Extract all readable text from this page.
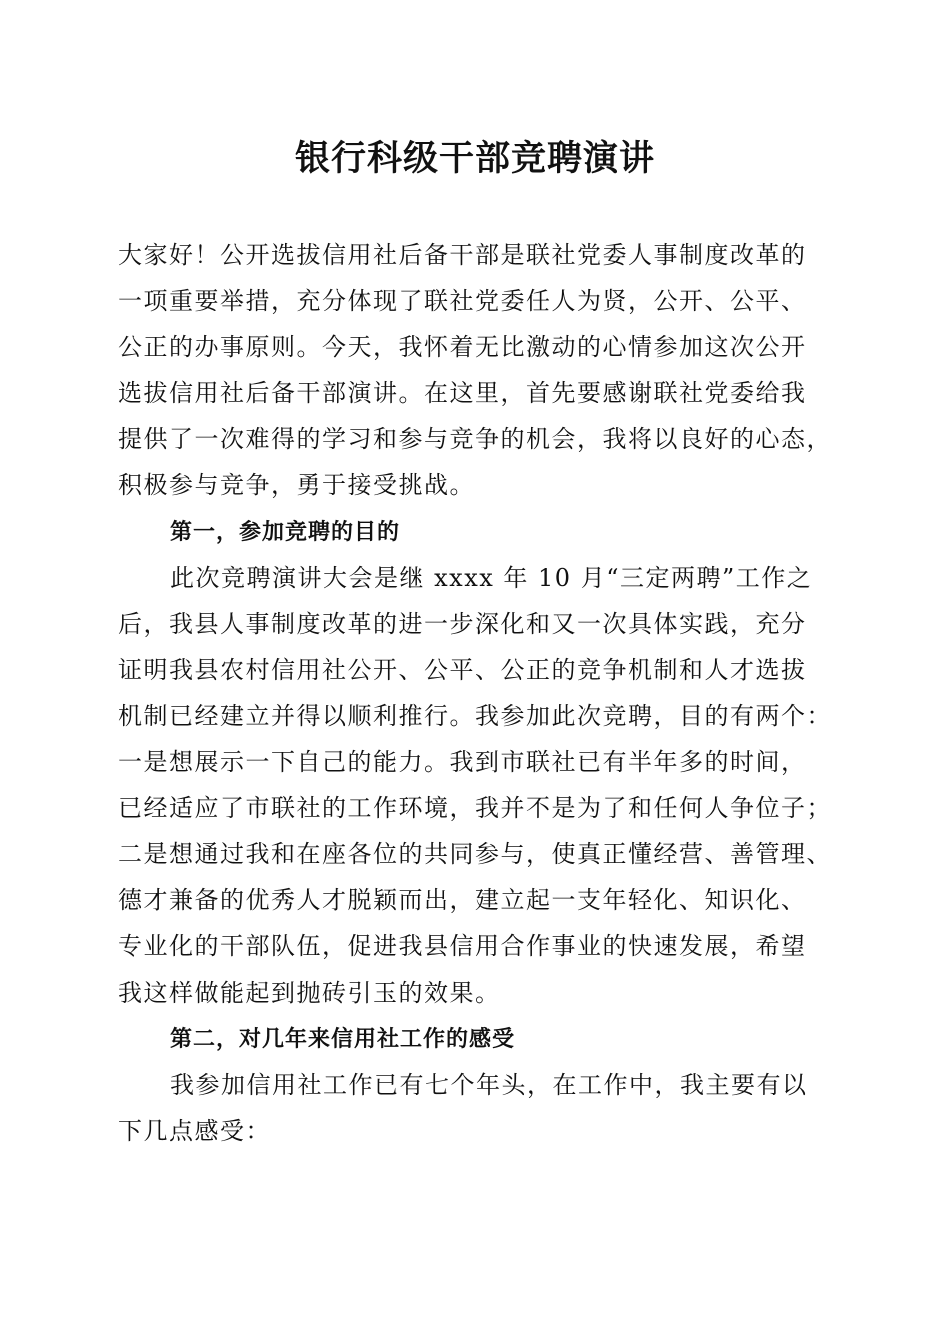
银行科级干部竞聘演讲
大家好！公开选拔信用社后备干部是联社党委人事制度改革的
一项重要举措，充分体现了联社党委任人为贤，公开、公平、
公正的办事原则。今天，我怀着无比激动的心情参加这次公开
选拔信用社后备干部演讲。在这里，首先要感谢联社党委给我
提供了一次难得的学习和参与竞争的机会，我将以良好的心态，
积极参与竞争，勇于接受挑战。
第一，参加竞聘的目的
此次竞聘演讲大会是继 xxxx 年 10 月“三定两聘”工作之
后，我县人事制度改革的进一步深化和又一次具体实践，充分
证明我县农村信用社公开、公平、公正的竞争机制和人才选拔
机制已经建立并得以顺利推行。我参加此次竞聘，目的有两个：
一是想展示一下自己的能力。我到市联社已有半年多的时间，
已经适应了市联社的工作环境，我并不是为了和任何人争位子；
二是想通过我和在座各位的共同参与，使真正懂经营、善管理、
德才兼备的优秀人才脱颖而出，建立起一支年轻化、知识化、
专业化的干部队伍，促进我县信用合作事业的快速发展，希望
我这样做能起到抛砖引玉的效果。
第二，对几年来信用社工作的感受
我参加信用社工作已有七个年头，在工作中，我主要有以
下几点感受：
